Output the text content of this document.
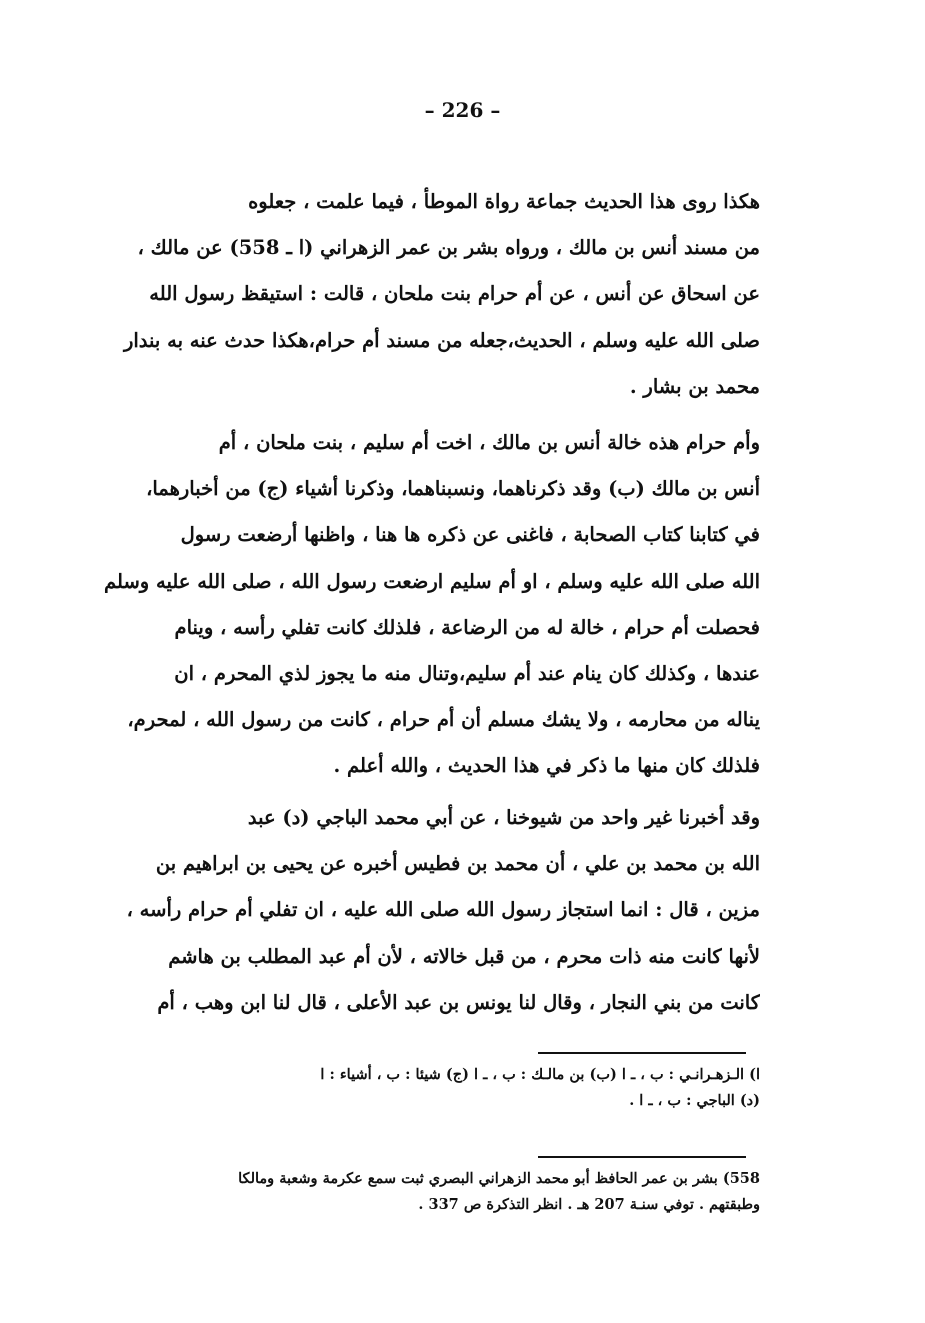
– 226 –
هكذا روى هذا الحديث جماعة رواة الموطأ ، فيما علمت ، جعلوه
من مسند أنس بن مالك ، ورواه بشر بن عمر الزهراني (ا ـ 558) عن مالك ،
عن اسحاق عن أنس ، عن أم حرام بنت ملحان ، قالت : استيقظ رسول الله
صلى الله عليه وسلم ، الحديث،جعله من مسند أم حرام،هكذا حدث عنه به بندار
محمد بن بشار .
وأم حرام هذه خالة أنس بن مالك ، اخت أم سليم ، بنت ملحان ، أم
أنس بن مالك (ب) وقد ذكرناهما، ونسبناهما، وذكرنا أشياء (ج) من أخبارهما،
في كتابنا كتاب الصحابة ، فاغنى عن ذكره ها هنا ، واظنها أرضعت رسول
الله صلى الله عليه وسلم ، او أم سليم ارضعت رسول الله ، صلى الله عليه وسلم
فحصلت أم حرام ، خالة له من الرضاعة ، فلذلك كانت تفلي رأسه ، وينام
عندها ، وكذلك كان ينام عند أم سليم،وتنال منه ما يجوز لذي المحرم ، ان
يناله من محارمه ، ولا يشك مسلم أن أم حرام ، كانت من رسول الله ، لمحرم،
فلذلك كان منها ما ذكر في هذا الحديث ، والله أعلم .
وقد أخبرنا غير واحد من شيوخنا ، عن أبي محمد الباجي (د) عبد
الله بن محمد بن علي ، أن محمد بن فطيس أخبره عن يحيى بن ابراهيم بن
مزين ، قال : انما استجاز رسول الله صلى الله عليه ، ان تفلي أم حرام رأسه ،
لأنها كانت منه ذات محرم ، من قبل خالاته ، لأن أم عبد المطلب بن هاشم
كانت من بني النجار ، وقال لنا يونس بن عبد الأعلى ، قال لنا ابن وهب ، أم
ا) الـزهـرانـي : ب ، ـ ا (ب) بن مالـك : ب ، ـ ا (ج) شيئا : ب ، أشياء : ا
(د) الباجي : ب ، ـ ا .
558) بشر بن عمر الحافظ أبو محمد الزهراني البصري ثبت سمع عكرمة وشعبة ومالكا
وطبقتهم . توفي سنـة 207 هـ . انظر التذكرة ص 337 .
